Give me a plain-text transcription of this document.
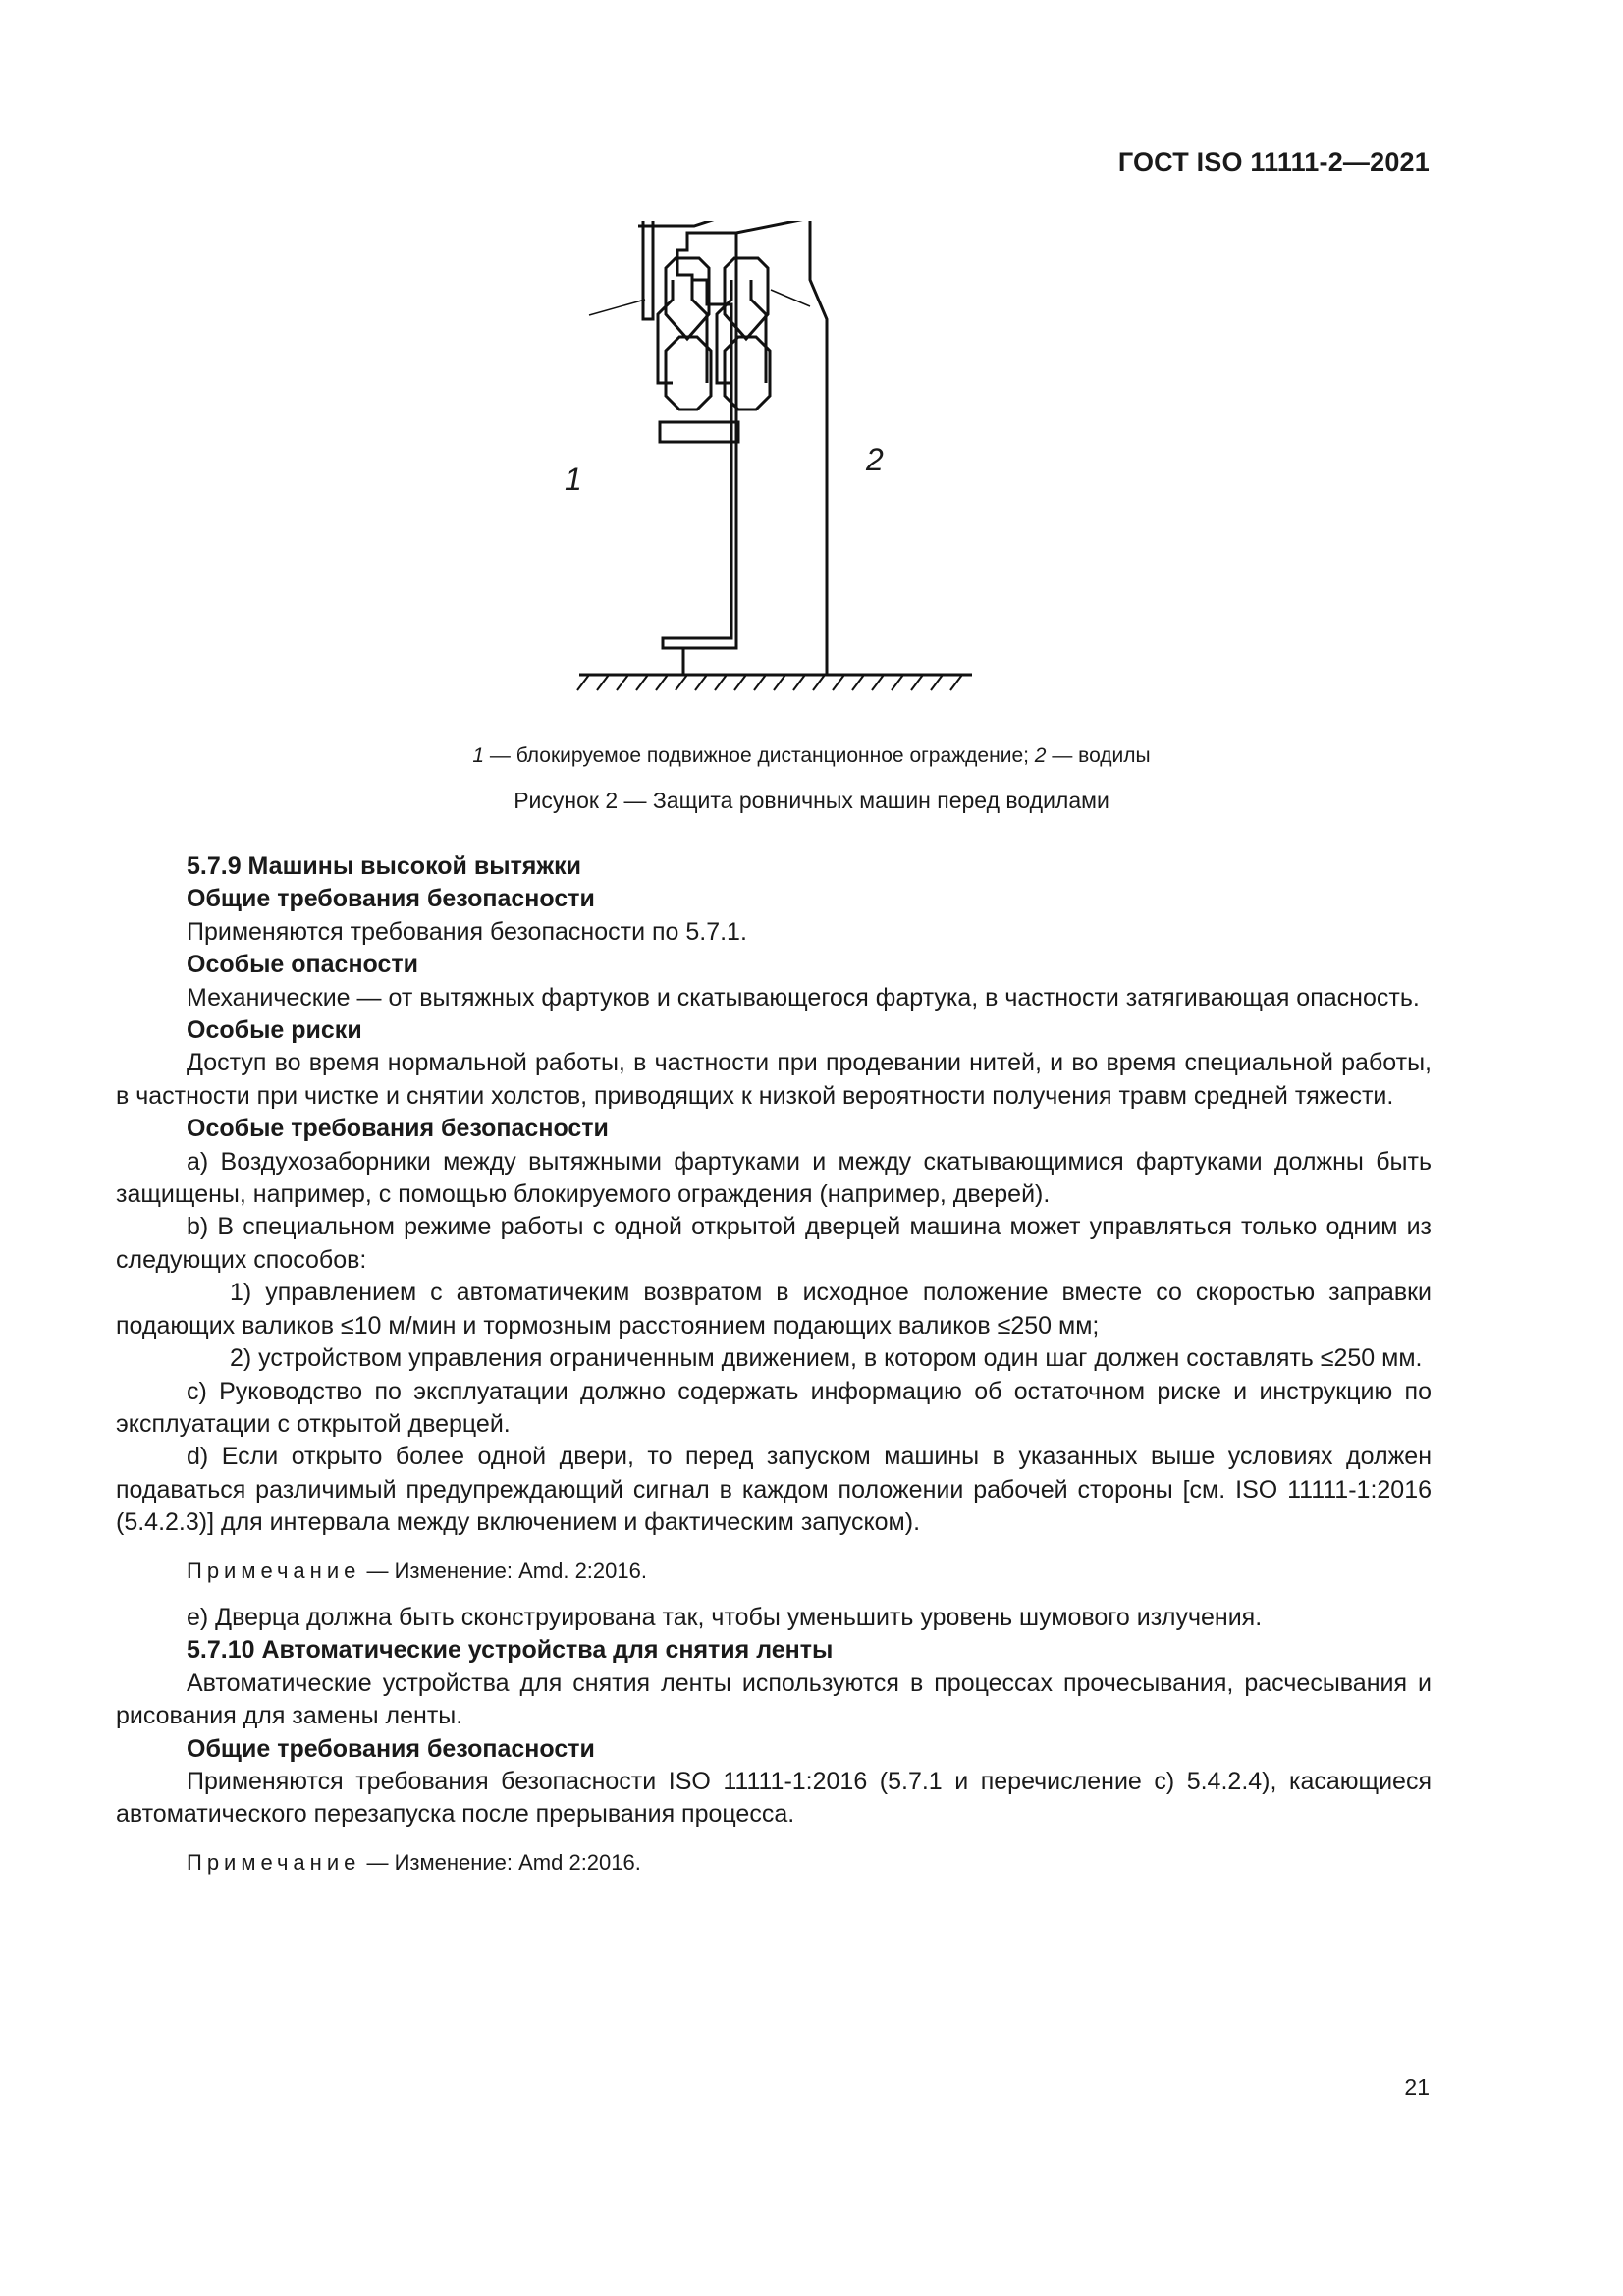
ГОСТ ISO 11111-2—2021
1
2
1 — блокируемое подвижное дистанционное ограждение; 2 — водилы
Рисунок 2 — Защита ровничных машин перед водилами

5.7.9 Машины высокой вытяжки

Общие требования безопасности

Применяются требования безопасности по 5.7.1.

Особые опасности

Механические — от вытяжных фартуков и скатывающегося фартука, в частности затягивающая опасность.

Особые риски

Доступ во время нормальной работы, в частности при продевании нитей, и во время специальной работы, в частности при чистке и снятии холстов, приводящих к низкой вероятности получения травм средней тяжести.

Особые требования безопасности

a) Воздухозаборники между вытяжными фартуками и между скатывающимися фартуками должны быть защищены, например, с помощью блокируемого ограждения (например, дверей).

b) В специальном режиме работы с одной открытой дверцей машина может управляться только одним из следующих способов:

1) управлением с автоматичеким возвратом в исходное положение вместе со скоростью заправки подающих валиков ≤10 м/мин и тормозным расстоянием подающих валиков ≤250 мм;

2) устройством управления ограниченным движением, в котором один шаг должен составлять ≤250 мм.

c) Руководство по эксплуатации должно содержать информацию об остаточном риске и инструкцию по эксплуатации с открытой дверцей.

d) Если открыто более одной двери, то перед запуском машины в указанных выше условиях должен подаваться различимый предупреждающий сигнал в каждом положении рабочей стороны [см. ISO 11111-1:2016 (5.4.2.3)] для интервала между включением и фактическим запуском).

Примечание — Изменение: Amd. 2:2016.

e) Дверца должна быть сконструирована так, чтобы уменьшить уровень шумового излучения.

5.7.10 Автоматические устройства для снятия ленты

Автоматические устройства для снятия ленты используются в процессах прочесывания, расчесывания и рисования для замены ленты.

Общие требования безопасности

Применяются требования безопасности ISO 11111-1:2016 (5.7.1 и перечисление c) 5.4.2.4), касающиеся автоматического перезапуска после прерывания процесса.

Примечание — Изменение: Amd 2:2016.

21
